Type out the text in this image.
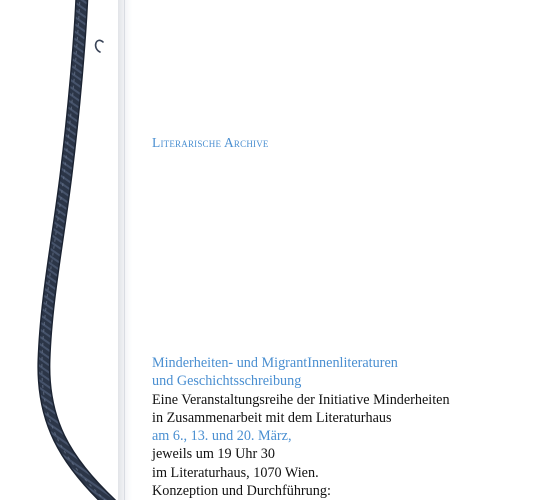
Literarische Archive
Minderheiten- und MigrantInnenliteraturen
und Geschichtsschreibung
Eine Veranstaltungsreihe der Initiative Minderheiten
in Zusammenarbeit mit dem Literaturhaus
am 6., 13. und 20. März,
jeweils um 19 Uhr 30
im Literaturhaus, 1070 Wien.
Konzeption und Durchführung:
